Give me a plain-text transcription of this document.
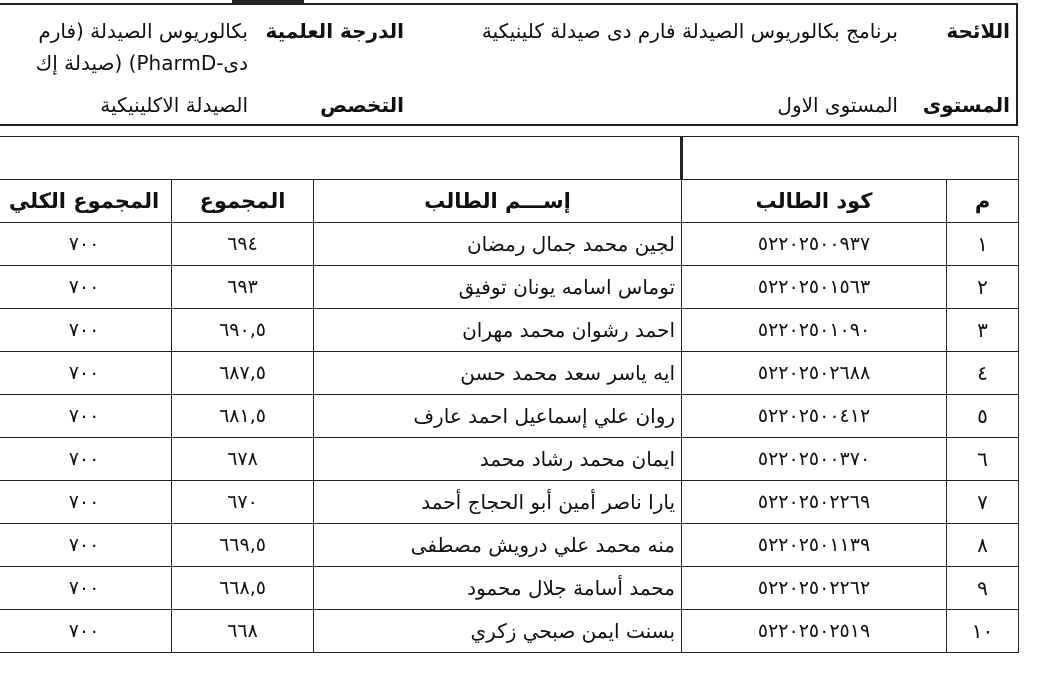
اللائحة
برنامج بكالوريوس الصيدلة فارم دى صيدلة كلينيكية
الدرجة العلمية
بكالوريوس الصيدلة (فارم
دى-PharmD) (صيدلة إك
المستوى
المستوى الاول
التخصص
الصيدلة الاكلينيكية

م	كود الطالب	إســـم الطالب	المجموع	المجموع الكلي
١	٥٢٢٠٢٥٠٠٩٣٧	لجين محمد جمال رمضان	٦٩٤	٧٠٠
٢	٥٢٢٠٢٥٠١٥٦٣	توماس اسامه يونان توفيق	٦٩٣	٧٠٠
٣	٥٢٢٠٢٥٠١٠٩٠	احمد رشوان محمد مهران	٦٩٠,٥	٧٠٠
٤	٥٢٢٠٢٥٠٢٦٨٨	ايه ياسر سعد محمد حسن	٦٨٧,٥	٧٠٠
٥	٥٢٢٠٢٥٠٠٤١٢	روان علي إسماعيل احمد عارف	٦٨١,٥	٧٠٠
٦	٥٢٢٠٢٥٠٠٣٧٠	ايمان محمد رشاد محمد	٦٧٨	٧٠٠
٧	٥٢٢٠٢٥٠٢٢٦٩	يارا ناصر أمين أبو الحجاج أحمد	٦٧٠	٧٠٠
٨	٥٢٢٠٢٥٠١١٣٩	منه محمد علي درويش مصطفى	٦٦٩,٥	٧٠٠
٩	٥٢٢٠٢٥٠٢٢٦٢	محمد أسامة جلال محمود	٦٦٨,٥	٧٠٠
١٠	٥٢٢٠٢٥٠٢٥١٩	بسنت ايمن صبحي زكري	٦٦٨	٧٠٠
